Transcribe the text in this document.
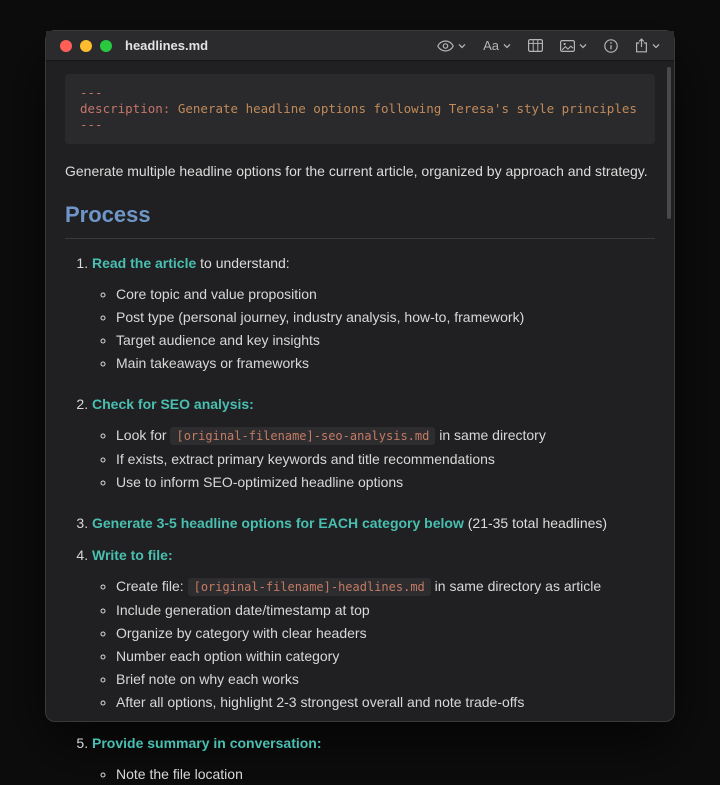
headlines.md	Aa
---
description: Generate headline options following Teresa's style principles
---

Generate multiple headline options for the current article, organized by approach and strategy.

Process
1. Read the article to understand:
◦ Core topic and value proposition
◦ Post type (personal journey, industry analysis, how-to, framework)
◦ Target audience and key insights
◦ Main takeaways or frameworks
2. Check for SEO analysis:
◦ Look for [original-filename]-seo-analysis.md in same directory
◦ If exists, extract primary keywords and title recommendations
◦ Use to inform SEO-optimized headline options
3. Generate 3-5 headline options for EACH category below (21-35 total headlines)
4. Write to file:
◦ Create file: [original-filename]-headlines.md in same directory as article
◦ Include generation date/timestamp at top
◦ Organize by category with clear headers
◦ Number each option within category
◦ Brief note on why each works
◦ After all options, highlight 2-3 strongest overall and note trade-offs
5. Provide summary in conversation:
◦ Note the file location
